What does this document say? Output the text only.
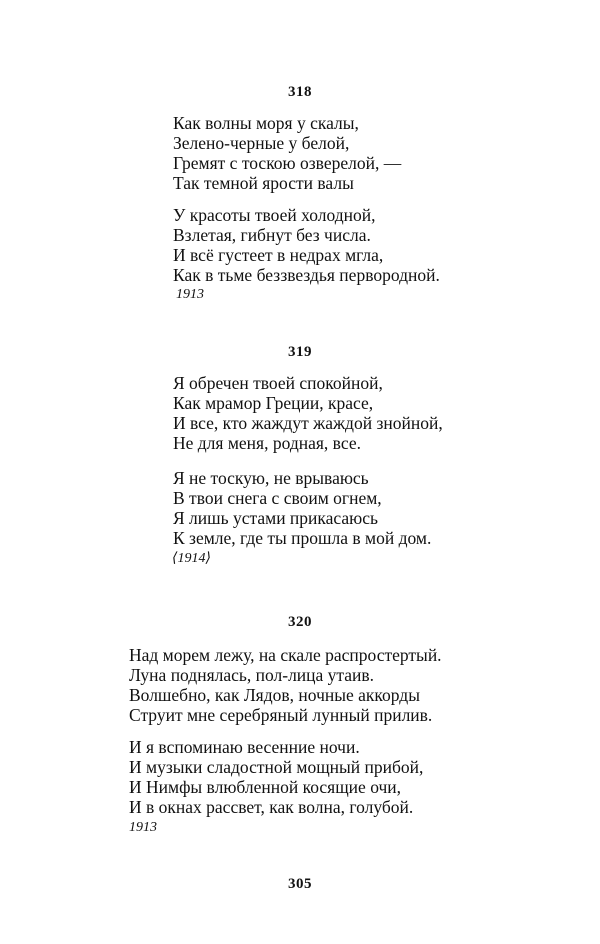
318
Как волны моря у скалы,
Зелено-черные у белой,
Гремят с тоскою озверелой, —
Так темной ярости валы
У красоты твоей холодной,
Взлетая, гибнут без числа.
И всё густеет в недрах мгла,
Как в тьме беззвездья первородной.
1913
319
Я обречен твоей спокойной,
Как мрамор Греции, красе,
И все, кто жаждут жаждой знойной,
Не для меня, родная, все.
Я не тоскую, не врываюсь
В твои снега с своим огнем,
Я лишь устами прикасаюсь
К земле, где ты прошла в мой дом.
⟨1914⟩
320
Над морем лежу, на скале распростертый.
Луна поднялась, пол-лица утаив.
Волшебно, как Лядов, ночные аккорды
Струит мне серебряный лунный прилив.
И я вспоминаю весенние ночи.
И музыки сладостной мощный прибой,
И Нимфы влюбленной косящие очи,
И в окнах рассвет, как волна, голубой.
1913
305
